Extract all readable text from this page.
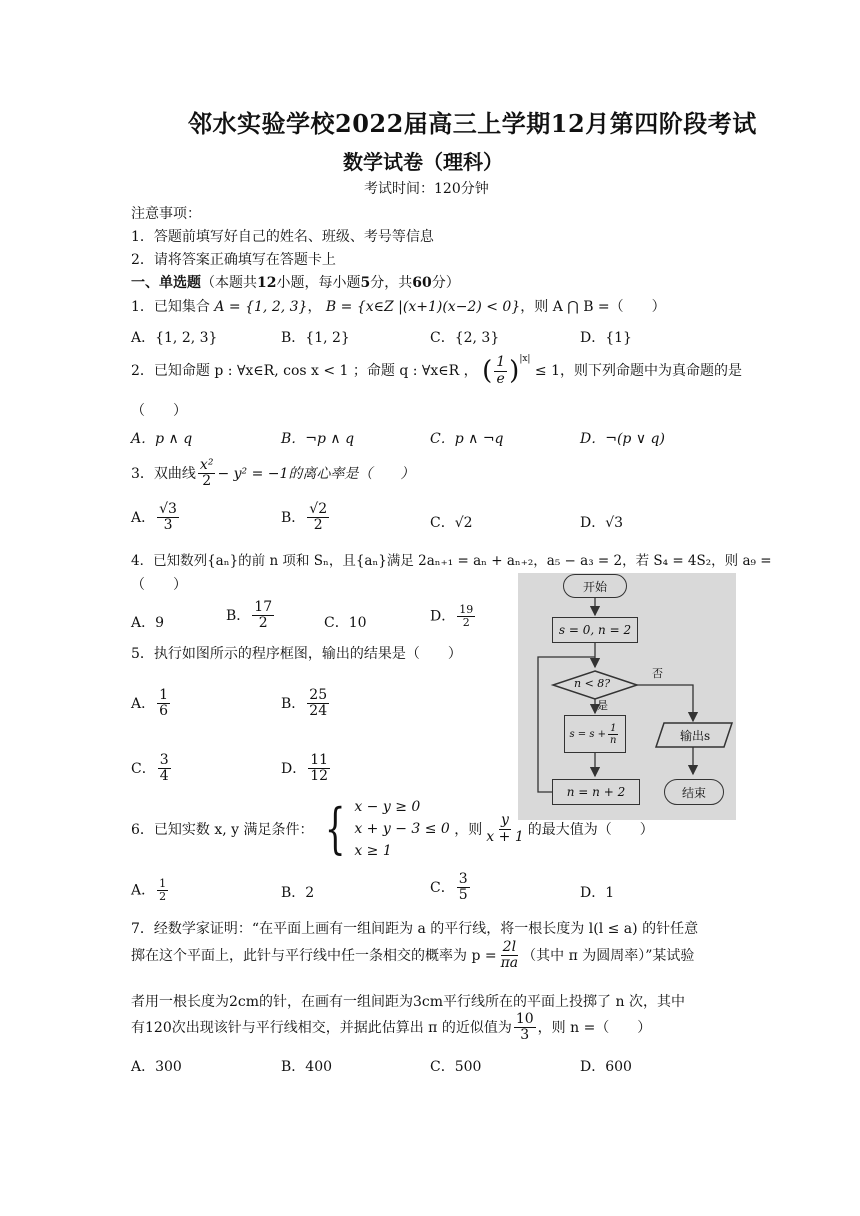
邻水实验学校2022届高三上学期12月第四阶段考试
数学试卷（理科）
考试时间：120分钟
注意事项：
1．答题前填写好自己的姓名、班级、考号等信息
2．请将答案正确填写在答题卡上
一、单选题（本题共12小题，每小题5分，共60分）
1．已知集合 A = {1, 2, 3}， B = {x∈Z |(x+1)(x−2) < 0}，则 A ⋂ B =（　　）
A．{1, 2, 3}	B．{1, 2}	C．{2, 3}	D．{1}
2．已知命题 p : ∀x∈R, cos x < 1 ；命题 q : ∀x∈R ， ( $\frac{1}{e} )^{|x|} \le 1$，则下列命题中为真命题的是
（　　）
A．p ∧ q	B．¬p ∧ q	C．p ∧ ¬q	D．¬(p ∨ q)
3．双曲线 $\frac{\text{x²}}{2} - y^2 = -1$的离心率是（　　）
A． $\frac{√3}{3}$	B． $\frac{√2}{2}$	C．√2	D．√3
4．已知数列{aₙ}的前 n 项和 Sₙ，且{aₙ}满足 2aₙ₊₁ = aₙ + aₙ₊₂，a₅ − a₃ = 2，若 S₄ = 4S₂，则 a₉ =
（　　）
A．9	B． $\frac{17}{2}$	C．10	D． $\frac{19}{2}$
5．执行如图所示的程序框图，输出的结果是（　　）
A． $\frac{1}{6}$	B． $\frac{25}{24}$
C． $\frac{3}{4}$	D． $\frac{11}{12}$
开始
s = 0, n = 2
n < 8?
否
是
$s = s + \frac{1}{n}$
n = n + 2
输出s
结束
6．已知实数 x, y 满足条件： { x − y ≥ 0
x + y − 3 ≤ 0
x ≥ 1
，则 $\frac{y}{x + 1}$ 的最大值为（　　）
A． $\frac{1}{2}$	B．2	C． $\frac{3}{5}$	D．1
7．经数学家证明：“在平面上画有一组间距为 a 的平行线，将一根长度为 l(l ≤ a) 的针任意
掷在这个平面上，此针与平行线中任一条相交的概率为 $p = \frac{2l}{\pi a}$ （其中 π 为圆周率）”某试验
者用一根长度为2cm的针，在画有一组间距为3cm平行线所在的平面上投掷了 n 次，其中
有120次出现该针与平行线相交，并据此估算出 π 的近似值为 $\frac{10}{3}$ ，则 n =（　　）
A．300	B．400	C．500	D．600
